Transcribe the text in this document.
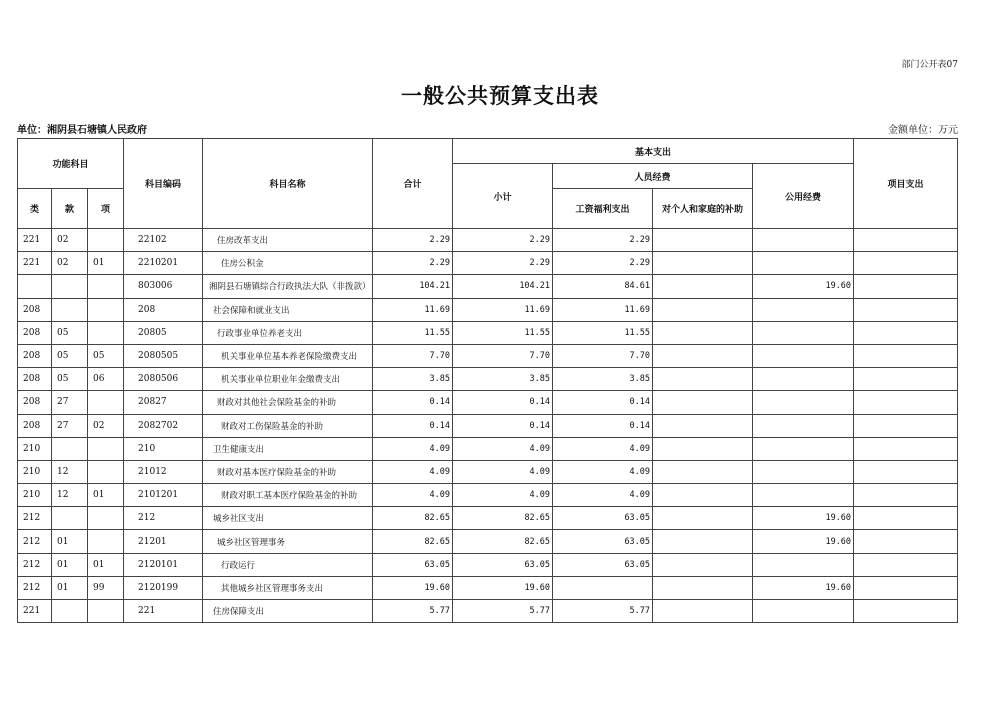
部门公开表07
一般公共预算支出表
单位：湘阴县石塘镇人民政府	金额单位：万元
功能科目			科目编码	科目名称	合计	基本支出				项目支出
						小计	人员经费		公用经费	
类	款	项					工资福利支出	对个人和家庭的补助		
221	02		22102	住房改革支出	2.29	2.29	2.29			
221	02	01	2210201	住房公积金	2.29	2.29	2.29			
			803006	湘阴县石塘镇综合行政执法大队（非拨款）	104.21	104.21	84.61		19.60	
208			208	社会保障和就业支出	11.69	11.69	11.69			
208	05		20805	行政事业单位养老支出	11.55	11.55	11.55			
208	05	05	2080505	机关事业单位基本养老保险缴费支出	7.70	7.70	7.70			
208	05	06	2080506	机关事业单位职业年金缴费支出	3.85	3.85	3.85			
208	27		20827	财政对其他社会保险基金的补助	0.14	0.14	0.14			
208	27	02	2082702	财政对工伤保险基金的补助	0.14	0.14	0.14			
210			210	卫生健康支出	4.09	4.09	4.09			
210	12		21012	财政对基本医疗保险基金的补助	4.09	4.09	4.09			
210	12	01	2101201	财政对职工基本医疗保险基金的补助	4.09	4.09	4.09			
212			212	城乡社区支出	82.65	82.65	63.05		19.60	
212	01		21201	城乡社区管理事务	82.65	82.65	63.05		19.60	
212	01	01	2120101	行政运行	63.05	63.05	63.05			
212	01	99	2120199	其他城乡社区管理事务支出	19.60	19.60			19.60	
221			221	住房保障支出	5.77	5.77	5.77			
